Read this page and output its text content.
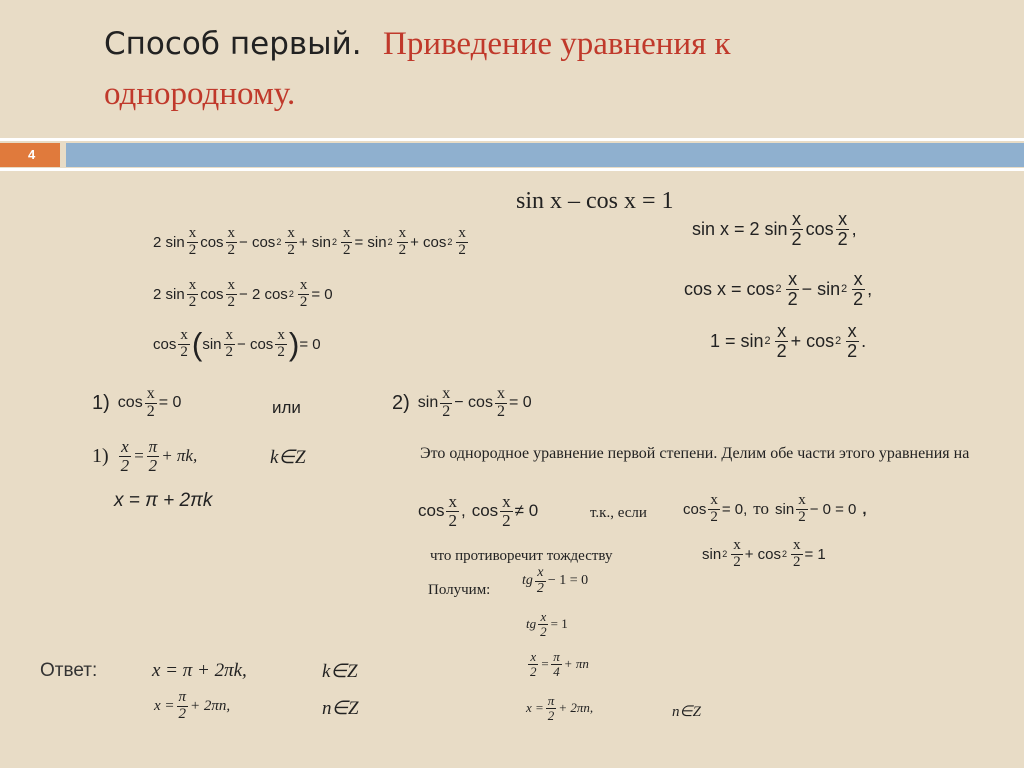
Способ первый. Приведение уравнения к
однородному.
4
sin x – cos x = 1
2 sin
x
2 cos
x
2 − cos 2
x
$2 + \sin 2 \frac{x}{2} = \sin 2$
x
2 + cos 2
x
2
2 sin
x
2 cos
x
2 − 2 $\cos 2 \frac{x}{2} = 0$
cos
x
2 ( sin
x
2 − cos
x
2 ) = 0
sin x = 2 sin x
2 cos x
2 ,
cos x = cos 2
x
2 − sin 2
x
2 ,
1 = sin 2
x
2 + cos 2
x
2 .
1) $\cos \frac{x}{2} = 0$	или	2) sin
x
$2 - \cos \frac{x}{2} = 0$
$1) \frac{x}{2} = \frac{\pi}{2} + \pi k$,	k∈Z
x = π + 2πk
Это однородное уравнение первой степени. Делим обе части этого уравнения на
cos x
2 , cos x
2 ≠ 0	т.к., если $\cos \frac{x}{2} = 0$, то sin
x
2 − 0 = 0 ,
что противоречит тождеству	sin 2
x
$2 + \cos 2 \frac{x}{2} = 1$
Получим:
tg
x
2 − 1 = 0
tg $\frac{x}{2} = 1$
$\frac{x}{2} = \frac{\pi}{4} + \pi n$
$x = \frac{\pi}{2} + 2\pi n$,	n∈Z
Ответ:	x = π + 2πk,	k∈Z
$x = \frac{\pi}{2} + 2\pi n$,	n∈Z
